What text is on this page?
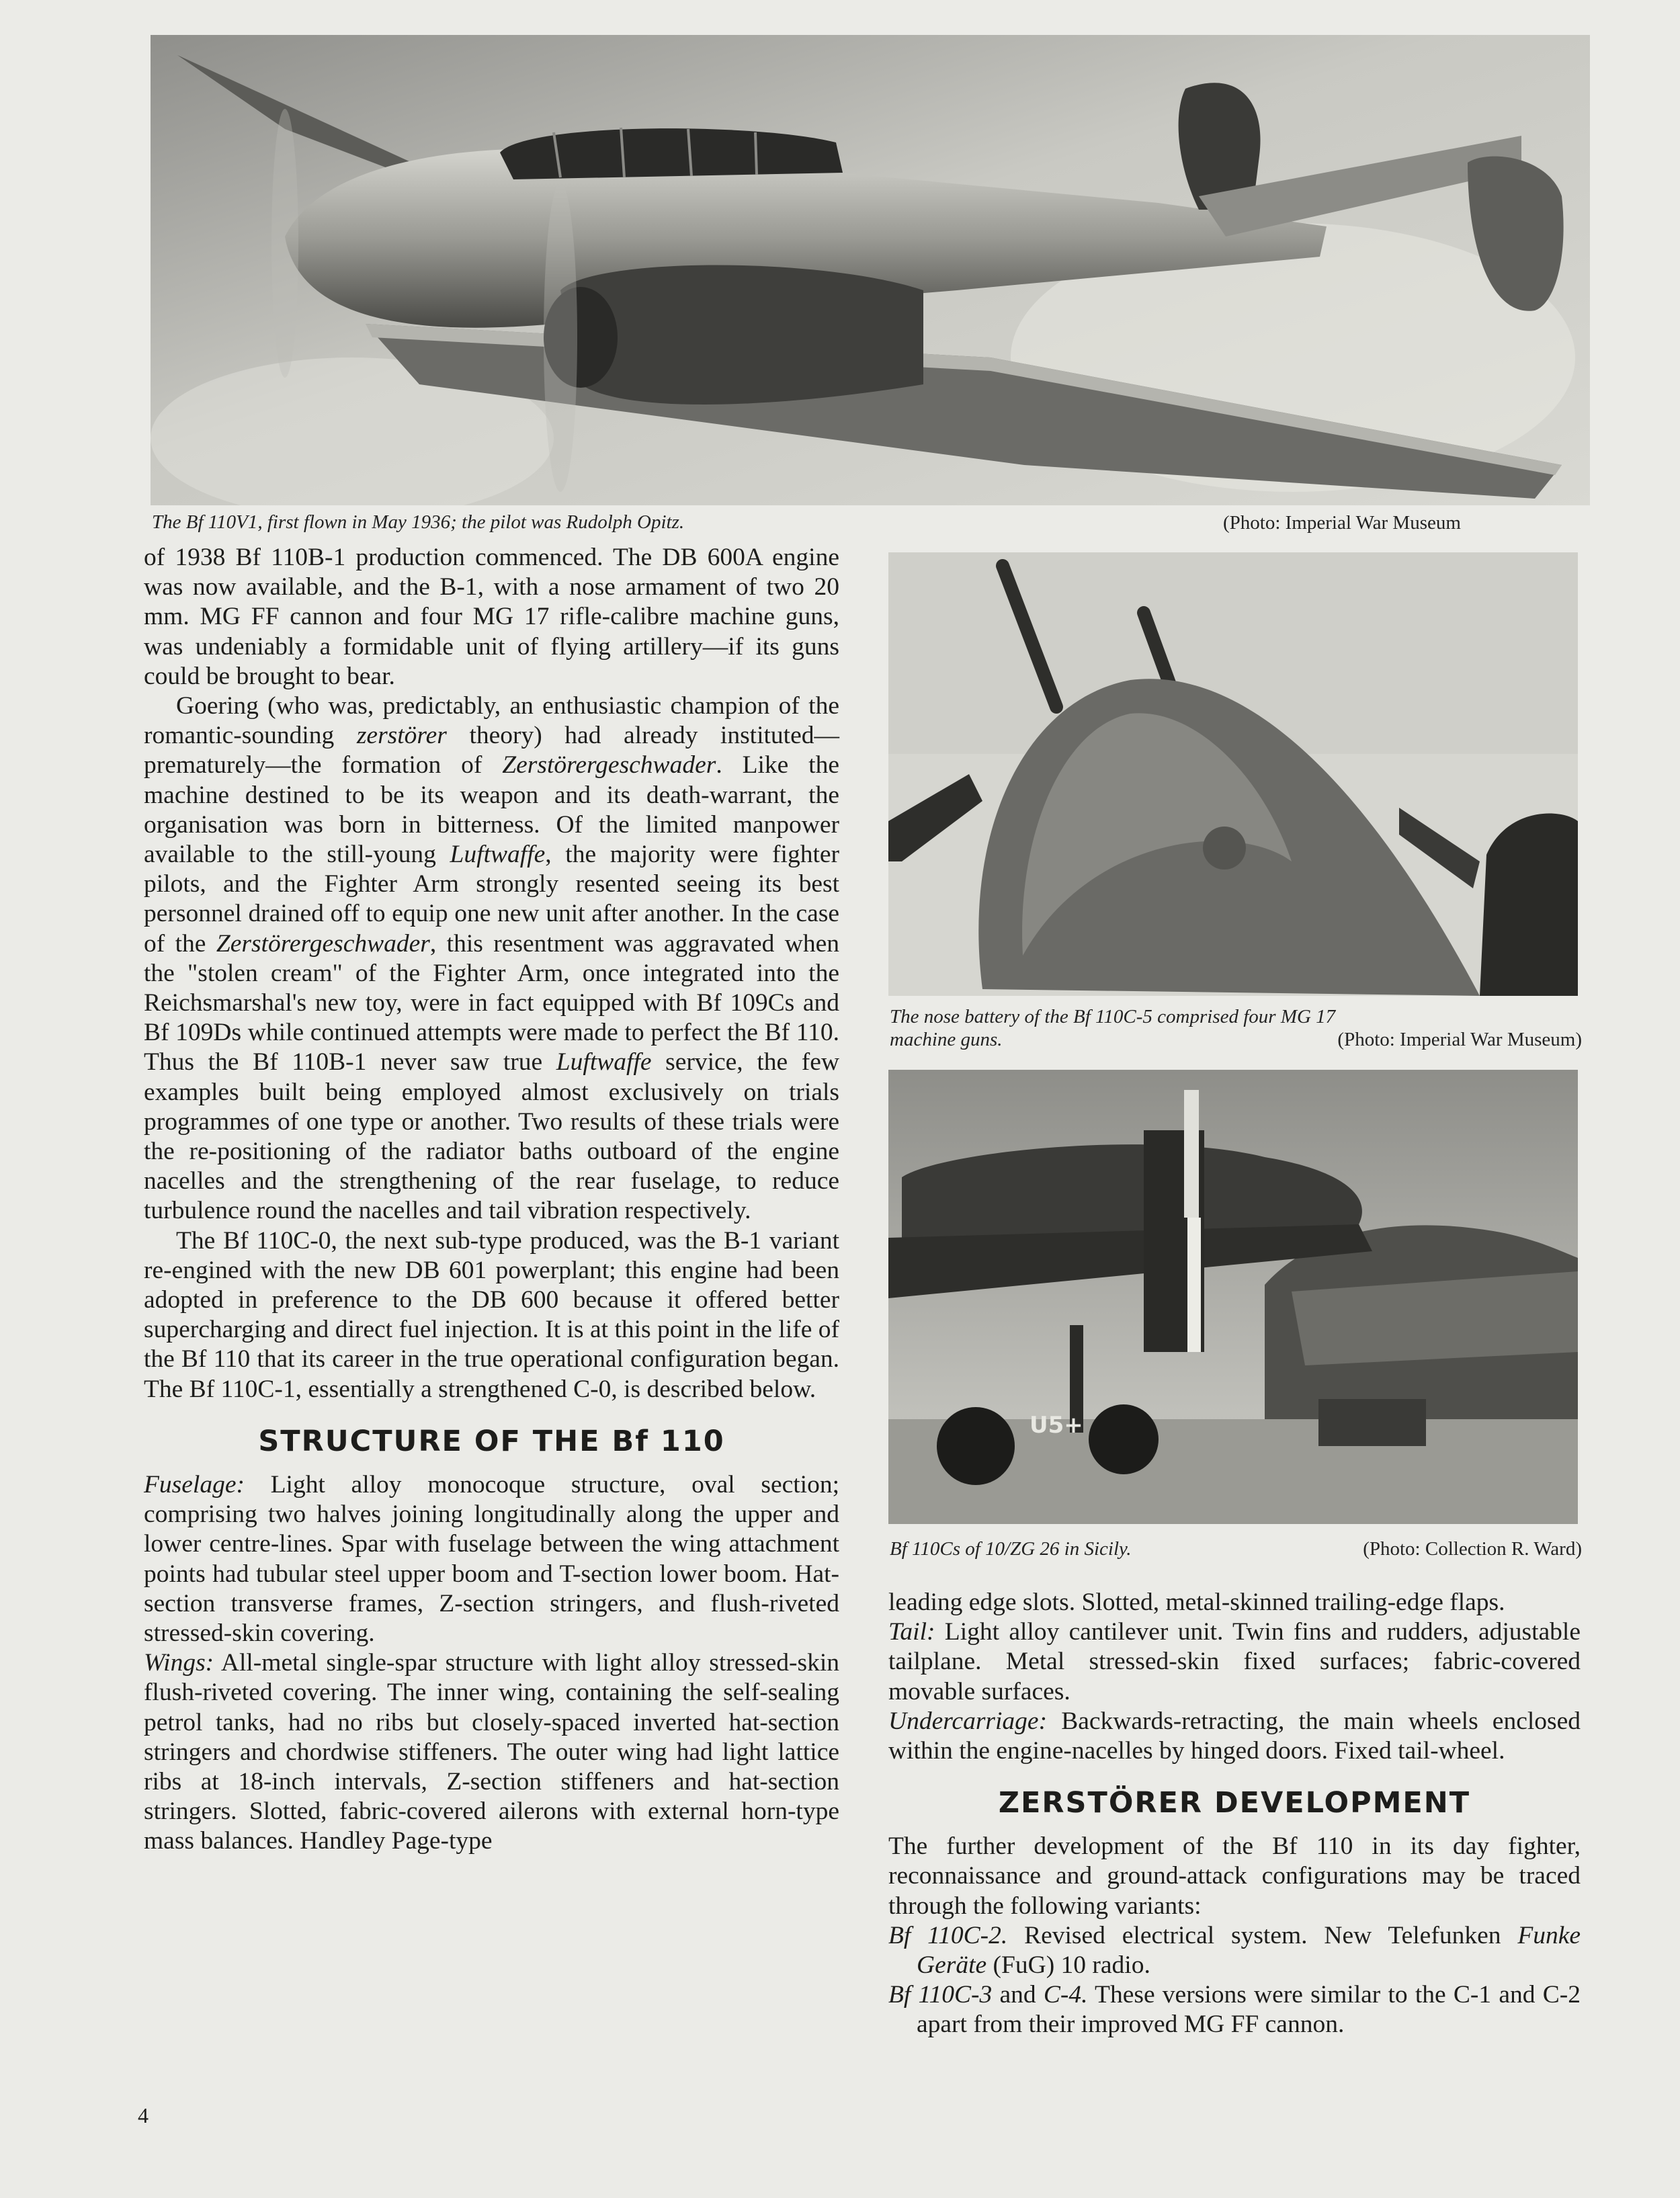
The Bf 110V1, first flown in May 1936; the pilot was Rudolph Opitz.	(Photo: Imperial War Museum
The nose battery of the Bf 110C-5 comprised four MG 17
machine guns.	(Photo: Imperial War Museum)
U5+
Bf 110Cs of 10/ZG 26 in Sicily.	(Photo: Collection R. Ward)

of 1938 Bf 110B-1 production commenced. The DB 600A engine was now available, and the B-1, with a nose armament of two 20 mm. MG FF cannon and four MG 17 rifle-calibre machine guns, was undeniably a formidable unit of flying artillery—if its guns could be brought to bear.

Goering (who was, predictably, an enthusiastic champion of the romantic-sounding zerstörer theory) had already instituted—prematurely—the formation of Zerstörergeschwader. Like the machine destined to be its weapon and its death-warrant, the organisation was born in bitterness. Of the limited manpower available to the still-young Luftwaffe, the majority were fighter pilots, and the Fighter Arm strongly resented seeing its best personnel drained off to equip one new unit after another. In the case of the Zerstörergeschwader, this resentment was aggravated when the "stolen cream" of the Fighter Arm, once integrated into the Reichsmarshal's new toy, were in fact equipped with Bf 109Cs and Bf 109Ds while continued attempts were made to perfect the Bf 110. Thus the Bf 110B-1 never saw true Luftwaffe service, the few examples built being employed almost exclusively on trials programmes of one type or another. Two results of these trials were the re-positioning of the radiator baths outboard of the engine nacelles and the strengthening of the rear fuselage, to reduce turbulence round the nacelles and tail vibration respectively.

The Bf 110C-0, the next sub-type produced, was the B-1 variant re-engined with the new DB 601 powerplant; this engine had been adopted in preference to the DB 600 because it offered better supercharging and direct fuel injection. It is at this point in the life of the Bf 110 that its career in the true operational configuration began. The Bf 110C-1, essentially a strengthened C-0, is described below.

STRUCTURE OF THE Bf 110

Fuselage: Light alloy monocoque structure, oval section; comprising two halves joining longitudinally along the upper and lower centre-lines. Spar with fuselage between the wing attachment points had tubular steel upper boom and T-section lower boom. Hat-section transverse frames, Z-section stringers, and flush-riveted stressed-skin covering.

Wings: All-metal single-spar structure with light alloy stressed-skin flush-riveted covering. The inner wing, containing the self-sealing petrol tanks, had no ribs but closely-spaced inverted hat-section stringers and chordwise stiffeners. The outer wing had light lattice ribs at 18-inch intervals, Z-section stiffeners and hat-section stringers. Slotted, fabric-covered ailerons with external horn-type mass balances. Handley Page-type

leading edge slots. Slotted, metal-skinned trailing-edge flaps.

Tail: Light alloy cantilever unit. Twin fins and rudders, adjustable tailplane. Metal stressed-skin fixed surfaces; fabric-covered movable surfaces.

Undercarriage: Backwards-retracting, the main wheels enclosed within the engine-nacelles by hinged doors. Fixed tail-wheel.

ZERSTÖRER DEVELOPMENT

The further development of the Bf 110 in its day fighter, reconnaissance and ground-attack configurations may be traced through the following variants:

Bf 110C-2. Revised electrical system. New Telefunken Funke Geräte (FuG) 10 radio.

Bf 110C-3 and C-4. These versions were similar to the C-1 and C-2 apart from their improved MG FF cannon.

4
